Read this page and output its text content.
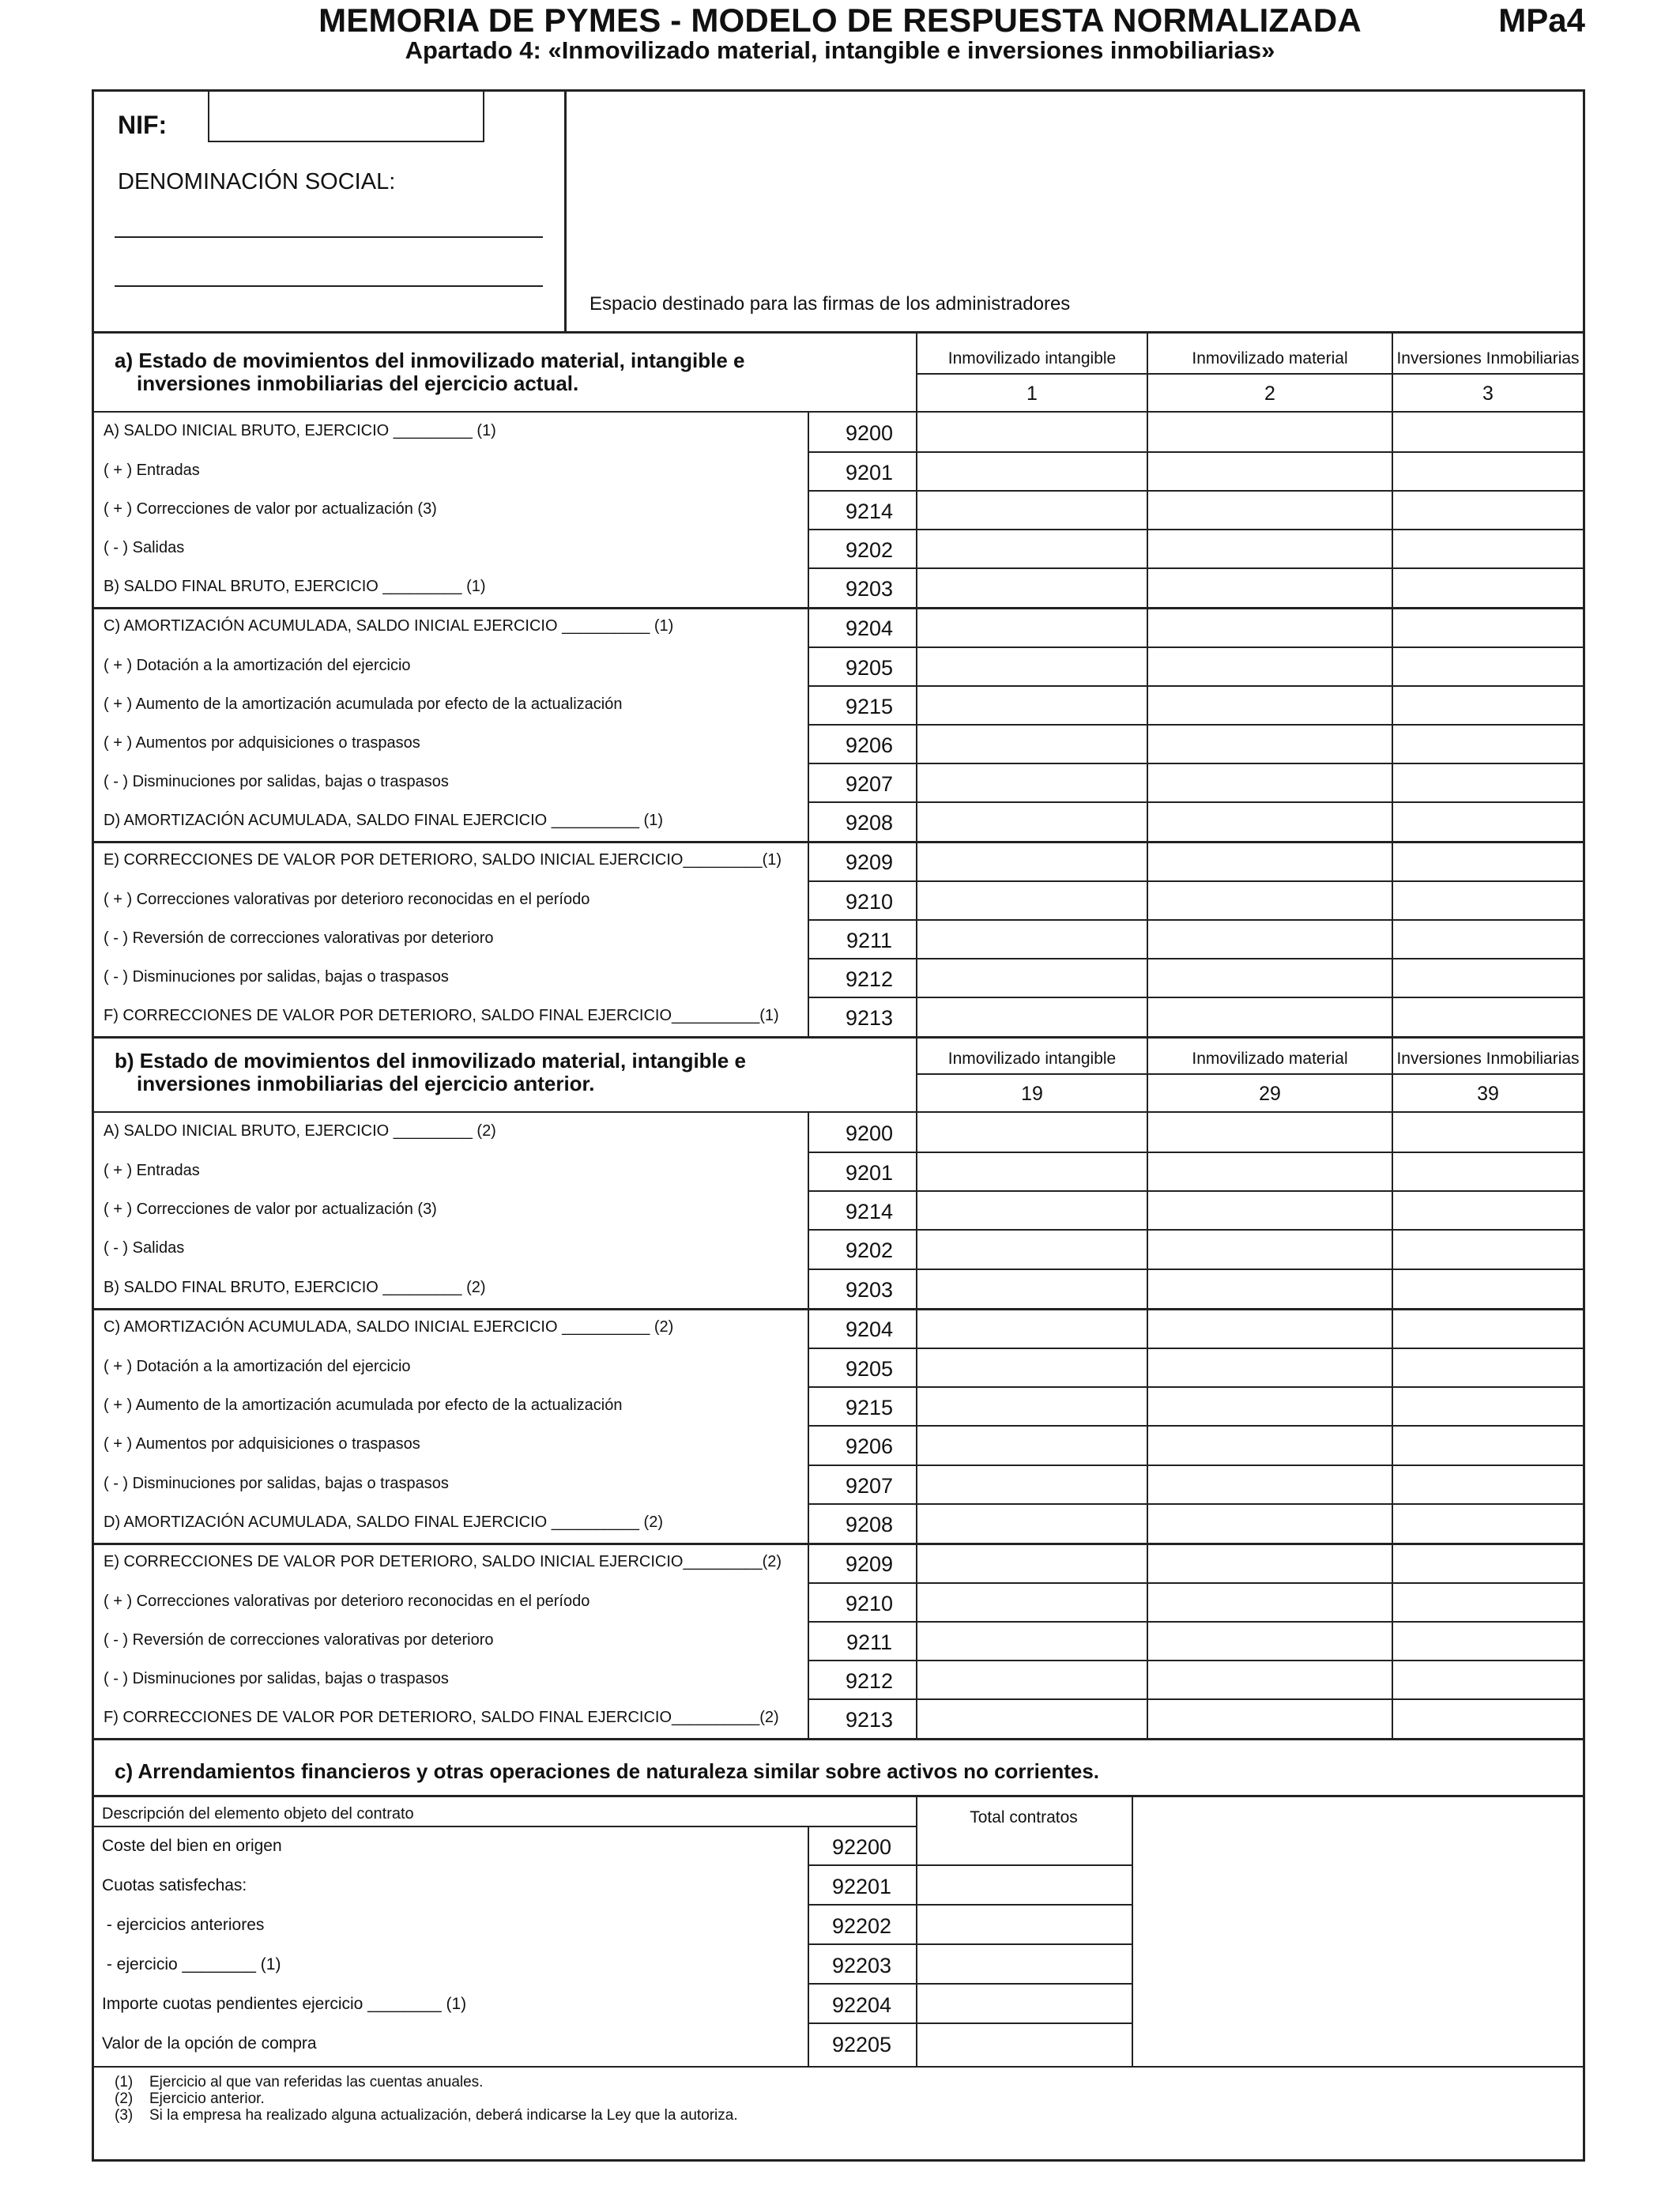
MEMORIA DE PYMES - MODELO DE RESPUESTA NORMALIZADA	MPa4
Apartado 4: «Inmovilizado material, intangible e inversiones inmobiliarias»
NIF:
DENOMINACIÓN SOCIAL:
Espacio destinado para las firmas de los administradores
a) Estado de movimientos del inmovilizado material, intangible e
inversiones inmobiliarias del ejercicio actual.
Inmovilizado intangible
1
Inmovilizado material
2
Inversiones Inmobiliarias
3
A) SALDO INICIAL BRUTO, EJERCICIO _________ (1)	9200
( + ) Entradas	9201
( + ) Correcciones de valor por actualización (3)	9214
( - ) Salidas	9202
B) SALDO FINAL BRUTO, EJERCICIO _________ (1)	9203
C) AMORTIZACIÓN ACUMULADA, SALDO INICIAL EJERCICIO __________ (1)	9204
( + ) Dotación a la amortización del ejercicio	9205
( + ) Aumento de la amortización acumulada por efecto de la actualización	9215
( + ) Aumentos por adquisiciones o traspasos	9206
( - ) Disminuciones por salidas, bajas o traspasos	9207
D) AMORTIZACIÓN ACUMULADA, SALDO FINAL EJERCICIO __________ (1)	9208
E) CORRECCIONES DE VALOR POR DETERIORO, SALDO INICIAL EJERCICIO_________(1)	9209
( + ) Correcciones valorativas por deterioro reconocidas en el período	9210
( - ) Reversión de correcciones valorativas por deterioro	9211
( - ) Disminuciones por salidas, bajas o traspasos	9212
F) CORRECCIONES DE VALOR POR DETERIORO, SALDO FINAL EJERCICIO__________(1)	9213
b) Estado de movimientos del inmovilizado material, intangible e
inversiones inmobiliarias del ejercicio anterior.
Inmovilizado intangible
19
Inmovilizado material
29
Inversiones Inmobiliarias
39
A) SALDO INICIAL BRUTO, EJERCICIO _________ (2)	9200
( + ) Entradas	9201
( + ) Correcciones de valor por actualización (3)	9214
( - ) Salidas	9202
B) SALDO FINAL BRUTO, EJERCICIO _________ (2)	9203
C) AMORTIZACIÓN ACUMULADA, SALDO INICIAL EJERCICIO __________ (2)	9204
( + ) Dotación a la amortización del ejercicio	9205
( + ) Aumento de la amortización acumulada por efecto de la actualización	9215
( + ) Aumentos por adquisiciones o traspasos	9206
( - ) Disminuciones por salidas, bajas o traspasos	9207
D) AMORTIZACIÓN ACUMULADA, SALDO FINAL EJERCICIO __________ (2)	9208
E) CORRECCIONES DE VALOR POR DETERIORO, SALDO INICIAL EJERCICIO_________(2)	9209
( + ) Correcciones valorativas por deterioro reconocidas en el período	9210
( - ) Reversión de correcciones valorativas por deterioro	9211
( - ) Disminuciones por salidas, bajas o traspasos	9212
F) CORRECCIONES DE VALOR POR DETERIORO, SALDO FINAL EJERCICIO__________(2)	9213
c) Arrendamientos financieros y otras operaciones de naturaleza similar sobre activos no corrientes.
Descripción del elemento objeto del contrato	Total contratos
Coste del bien en origen	92200
Cuotas satisfechas:	92201
- ejercicios anteriores	92202
- ejercicio ________ (1)	92203
Importe cuotas pendientes ejercicio ________ (1)	92204
Valor de la opción de compra	92205
(1) Ejercicio al que van referidas las cuentas anuales.
(2) Ejercicio anterior.
(3) Si la empresa ha realizado alguna actualización, deberá indicarse la Ley que la autoriza.
